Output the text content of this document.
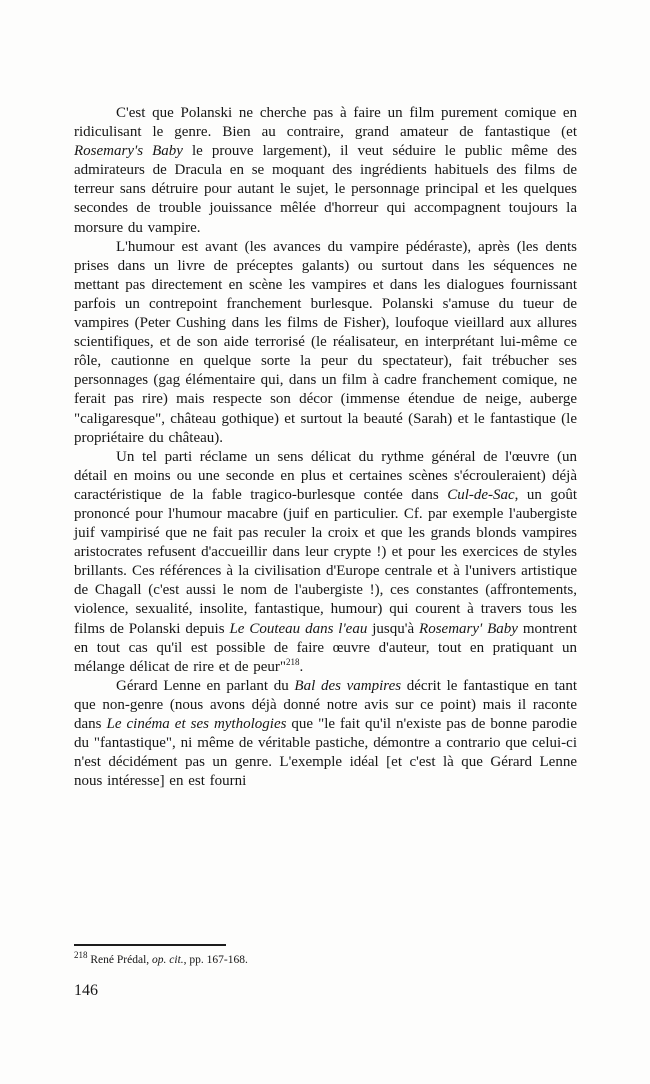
C'est que Polanski ne cherche pas à faire un film purement comique en ridiculisant le genre. Bien au contraire, grand amateur de fantastique (et Rosemary's Baby le prouve largement), il veut séduire le public même des admirateurs de Dracula en se moquant des ingrédients habituels des films de terreur sans détruire pour autant le sujet, le personnage principal et les quelques secondes de trouble jouissance mêlée d'horreur qui accompagnent toujours la morsure du vampire.

L'humour est avant (les avances du vampire pédéraste), après (les dents prises dans un livre de préceptes galants) ou surtout dans les séquences ne mettant pas directement en scène les vampires et dans les dialogues fournissant parfois un contrepoint franchement burlesque. Polanski s'amuse du tueur de vampires (Peter Cushing dans les films de Fisher), loufoque vieillard aux allures scientifiques, et de son aide terrorisé (le réalisateur, en interprétant lui-même ce rôle, cautionne en quelque sorte la peur du spectateur), fait trébucher ses personnages (gag élémentaire qui, dans un film à cadre franchement comique, ne ferait pas rire) mais respecte son décor (immense étendue de neige, auberge "caligaresque", château gothique) et surtout la beauté (Sarah) et le fantastique (le propriétaire du château).

Un tel parti réclame un sens délicat du rythme général de l'œuvre (un détail en moins ou une seconde en plus et certaines scènes s'écrouleraient) déjà caractéristique de la fable tragico-burlesque contée dans Cul-de-Sac, un goût prononcé pour l'humour macabre (juif en particulier. Cf. par exemple l'aubergiste juif vampirisé que ne fait pas reculer la croix et que les grands blonds vampires aristocrates refusent d'accueillir dans leur crypte !) et pour les exercices de styles brillants. Ces références à la civilisation d'Europe centrale et à l'univers artistique de Chagall (c'est aussi le nom de l'aubergiste !), ces constantes (affrontements, violence, sexualité, insolite, fantastique, humour) qui courent à travers tous les films de Polanski depuis Le Couteau dans l'eau jusqu'à Rosemary' Baby montrent en tout cas qu'il est possible de faire œuvre d'auteur, tout en pratiquant un mélange délicat de rire et de peur"$^{218}$.

Gérard Lenne en parlant du Bal des vampires décrit le fantastique en tant que non-genre (nous avons déjà donné notre avis sur ce point) mais il raconte dans Le cinéma et ses mythologies que "le fait qu'il n'existe pas de bonne parodie du "fantastique", ni même de véritable pastiche, démontre a contrario que celui-ci n'est décidément pas un genre. L'exemple idéal [et c'est là que Gérard Lenne nous intéresse] en est fourni

$^{218}$ René Prédal, op. cit., pp. 167-168.

146
